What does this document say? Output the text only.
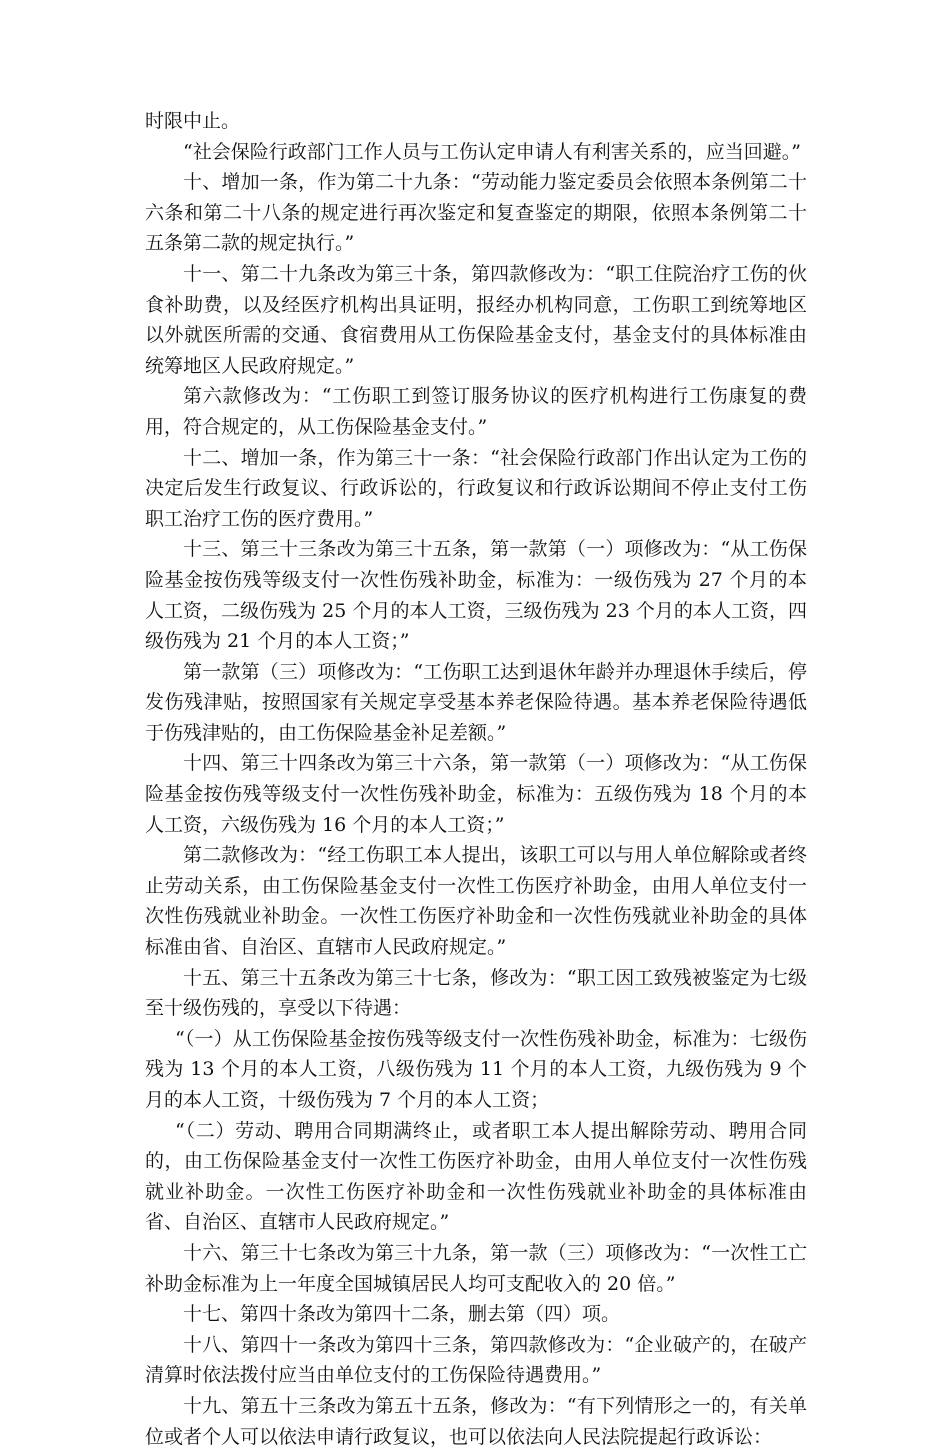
时限中止。

“社会保险行政部门工作人员与工伤认定申请人有利害关系的，应当回避。”

十、增加一条，作为第二十九条：“劳动能力鉴定委员会依照本条例第二十六条和第二十八条的规定进行再次鉴定和复查鉴定的期限，依照本条例第二十五条第二款的规定执行。”

十一、第二十九条改为第三十条，第四款修改为：“职工住院治疗工伤的伙食补助费，以及经医疗机构出具证明，报经办机构同意，工伤职工到统筹地区以外就医所需的交通、食宿费用从工伤保险基金支付，基金支付的具体标准由统筹地区人民政府规定。”

第六款修改为：“工伤职工到签订服务协议的医疗机构进行工伤康复的费用，符合规定的，从工伤保险基金支付。”

十二、增加一条，作为第三十一条：“社会保险行政部门作出认定为工伤的决定后发生行政复议、行政诉讼的，行政复议和行政诉讼期间不停止支付工伤职工治疗工伤的医疗费用。”

十三、第三十三条改为第三十五条，第一款第（一）项修改为：“从工伤保险基金按伤残等级支付一次性伤残补助金，标准为：一级伤残为 27 个月的本人工资，二级伤残为 25 个月的本人工资，三级伤残为 23 个月的本人工资，四级伤残为 21 个月的本人工资；”

第一款第（三）项修改为：“工伤职工达到退休年龄并办理退休手续后，停发伤残津贴，按照国家有关规定享受基本养老保险待遇。基本养老保险待遇低于伤残津贴的，由工伤保险基金补足差额。”

十四、第三十四条改为第三十六条，第一款第（一）项修改为：“从工伤保险基金按伤残等级支付一次性伤残补助金，标准为：五级伤残为 18 个月的本人工资，六级伤残为 16 个月的本人工资；”

第二款修改为：“经工伤职工本人提出，该职工可以与用人单位解除或者终止劳动关系，由工伤保险基金支付一次性工伤医疗补助金，由用人单位支付一次性伤残就业补助金。一次性工伤医疗补助金和一次性伤残就业补助金的具体标准由省、自治区、直辖市人民政府规定。”

十五、第三十五条改为第三十七条，修改为：“职工因工致残被鉴定为七级至十级伤残的，享受以下待遇：

“（一）从工伤保险基金按伤残等级支付一次性伤残补助金，标准为：七级伤残为 13 个月的本人工资，八级伤残为 11 个月的本人工资，九级伤残为 9 个月的本人工资，十级伤残为 7 个月的本人工资；

“（二）劳动、聘用合同期满终止，或者职工本人提出解除劳动、聘用合同的，由工伤保险基金支付一次性工伤医疗补助金，由用人单位支付一次性伤残就业补助金。一次性工伤医疗补助金和一次性伤残就业补助金的具体标准由省、自治区、直辖市人民政府规定。”

十六、第三十七条改为第三十九条，第一款（三）项修改为：“一次性工亡补助金标准为上一年度全国城镇居民人均可支配收入的 20 倍。”

十七、第四十条改为第四十二条，删去第（四）项。

十八、第四十一条改为第四十三条，第四款修改为：“企业破产的，在破产清算时依法拨付应当由单位支付的工伤保险待遇费用。”

十九、第五十三条改为第五十五条，修改为：“有下列情形之一的，有关单位或者个人可以依法申请行政复议，也可以依法向人民法院提起行政诉讼：
